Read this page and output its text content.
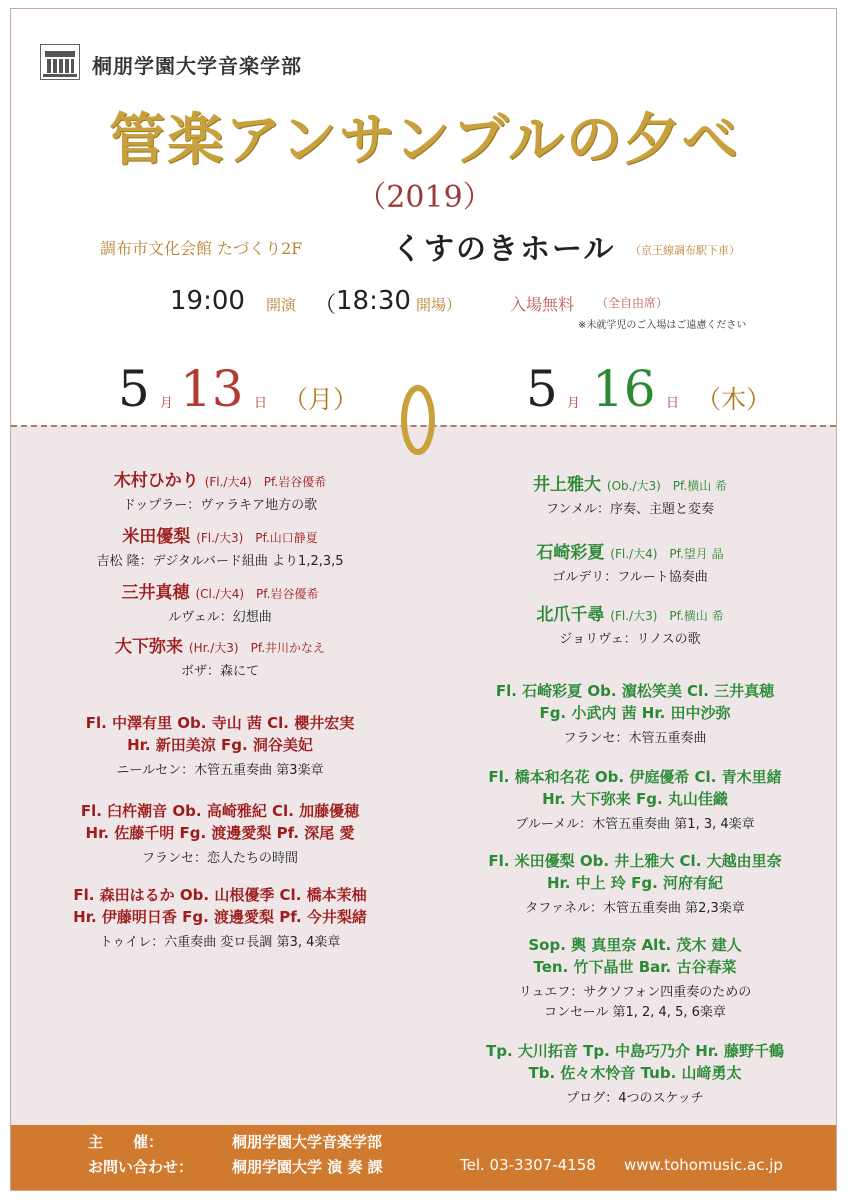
桐朋学園大学音楽学部
管楽アンサンブルの夕べ
（2019）
調布市文化会館 たづくり2F	くすのきホール （京王線調布駅下車）
19:00 開演 （ 18:30 開場）	入場無料 （全自由席）
※未就学児のご入場はご遠慮ください
5 月 13 日 （月）	5 月 16 日 （木）
木村ひかり (Fl./大4)　Pf.岩谷優希
ドップラー：ヴァラキア地方の歌
米田優梨 (Fl./大3)　Pf.山口静夏
吉松 隆：デジタルバード組曲 より1,2,3,5
三井真穂 (Cl./大4)　Pf.岩谷優希
ルヴェル：幻想曲
大下弥来 (Hr./大3)　Pf.井川かなえ
ボザ：森にて
Fl. 中澤有里 Ob. 寺山 茜 Cl. 櫻井宏実
Hr. 新田美涼 Fg. 洞谷美妃
ニールセン：木管五重奏曲 第3楽章
Fl. 臼杵潮音 Ob. 高崎雅紀 Cl. 加藤優穂
Hr. 佐藤千明 Fg. 渡邊愛梨 Pf. 深尾 愛
フランセ：恋人たちの時間
Fl. 森田はるか Ob. 山根優季 Cl. 橋本茉柚
Hr. 伊藤明日香 Fg. 渡邊愛梨 Pf. 今井梨緒
トゥイレ：六重奏曲 変ロ長調 第3, 4楽章
井上雅大 (Ob./大3)　Pf.横山 希
フンメル：序奏、主題と変奏
石崎彩夏 (Fl./大4)　Pf.望月 晶
ゴルデリ：フルート協奏曲
北爪千尋 (Fl./大3)　Pf.横山 希
ジョリヴェ：リノスの歌
Fl. 石崎彩夏 Ob. 濵松笑美 Cl. 三井真穂
Fg. 小武内 茜 Hr. 田中沙弥
フランセ：木管五重奏曲
Fl. 橋本和名花 Ob. 伊庭優希 Cl. 青木里緒
Hr. 大下弥来 Fg. 丸山佳織
ブルーメル：木管五重奏曲 第1, 3, 4楽章
Fl. 米田優梨 Ob. 井上雅大 Cl. 大越由里奈
Hr. 中上 玲 Fg. 河府有紀
タファネル：木管五重奏曲 第2,3楽章
Sop. 輿 真里奈 Alt. 茂木 建人
Ten. 竹下晶世 Bar. 古谷春菜
リュエフ：サクソフォン四重奏のための
コンセール 第1, 2, 4, 5, 6楽章
Tp. 大川拓音 Tp. 中島巧乃介 Hr. 藤野千鶴
Tb. 佐々木怜音 Tub. 山﨑勇太
プログ：4つのスケッチ
主　　催：	桐朋学園大学音楽学部
お問い合わせ：	桐朋学園大学 演 奏 課	Tel. 03-3307-4158 www.tohomusic.ac.jp
